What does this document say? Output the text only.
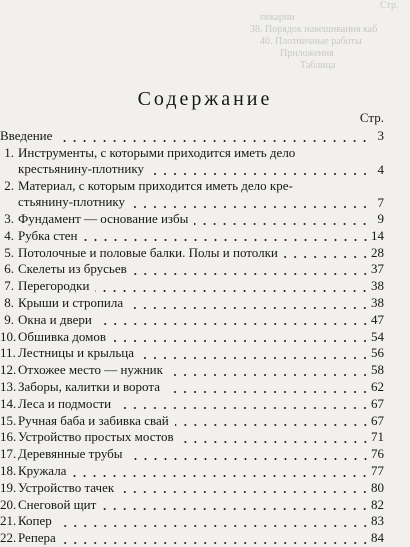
Стр.
пекарни
38. Порядок навешивания каб
40. Плотничные работы
Приложения
Таблица
Содержание
Стр.
Введение	3
1. Инструменты, с которыми приходится иметь дело
крестьянину-плотнику	4
2. Материал, с которым приходится иметь дело кре-
стьянину-плотнику	7
3. Фундамент — основание избы	9
4. Рубка стен	14
5. Потолочные и половые балки. Полы и потолки	28
6. Скелеты из брусьев	37
7. Перегородки	38
8. Крыши и стропила	38
9. Окна и двери	47
10. Обшивка домов	54
11. Лестницы и крыльца	56
12. Отхожее место — нужник	58
13. Заборы, калитки и ворота	62
14. Леса и подмости	67
15. Ручная баба и забивка свай	67
16. Устройство простых мостов	71
17. Деревянные трубы	76
18. Кружала	77
19. Устройство тачек	80
20. Снеговой щит	82
21. Копер	83
22. Репера	84
